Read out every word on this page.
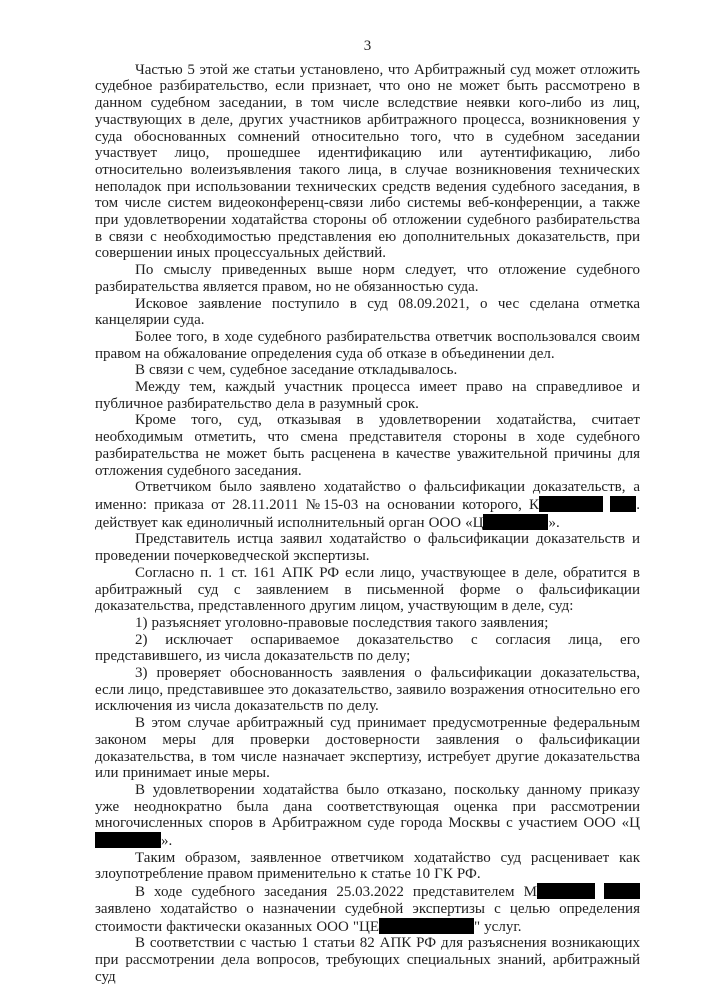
3

Частью 5 этой же статьи установлено, что Арбитражный суд может отложить судебное разбирательство, если признает, что оно не может быть рассмотрено в данном судебном заседании, в том числе вследствие неявки кого-либо из лиц, участвующих в деле, других участников арбитражного процесса, возникновения у суда обоснованных сомнений относительно того, что в судебном заседании участвует лицо, прошедшее идентификацию или аутентификацию, либо относительно волеизъявления такого лица, в случае возникновения технических неполадок при использовании технических средств ведения судебного заседания, в том числе систем видеоконференц-связи либо системы веб-конференции, а также при удовлетворении ходатайства стороны об отложении судебного разбирательства в связи с необходимостью представления ею дополнительных доказательств, при совершении иных процессуальных действий.

По смыслу приведенных выше норм следует, что отложение судебного разбирательства является правом, но не обязанностью суда.

Исковое заявление поступило в суд 08.09.2021, о чес сделана отметка канцелярии суда.

Более того, в ходе судебного разбирательства ответчик воспользовался своим правом на обжалование определения суда об отказе в объединении дел.

В связи с чем, судебное заседание откладывалось.

Между тем, каждый участник процесса имеет право на справедливое и публичное разбирательство дела в разумный срок.

Кроме того, суд, отказывая в удовлетворении ходатайства, считает необходимым отметить, что смена представителя стороны в ходе судебного разбирательства не может быть расценена в качестве уважительной причины для отложения судебного заседания.

Ответчиком было заявлено ходатайство о фальсификации доказательств, а именно: приказа от 28.11.2011 №15-03 на основании которого, К	. действует как единоличный исполнительный орган ООО «Ц	».

Представитель истца заявил ходатайство о фальсификации доказательств и проведении почерковедческой экспертизы.

Согласно п. 1 ст. 161 АПК РФ если лицо, участвующее в деле, обратится в арбитражный суд с заявлением в письменной форме о фальсификации доказательства, представленного другим лицом, участвующим в деле, суд:

1) разъясняет уголовно-правовые последствия такого заявления;

2) исключает оспариваемое доказательство с согласия лица, его представившего, из числа доказательств по делу;

3) проверяет обоснованность заявления о фальсификации доказательства, если лицо, представившее это доказательство, заявило возражения относительно его исключения из числа доказательств по делу.

В этом случае арбитражный суд принимает предусмотренные федеральным законом меры для проверки достоверности заявления о фальсификации доказательства, в том числе назначает экспертизу, истребует другие доказательства или принимает иные меры.

В удовлетворении ходатайства было отказано, поскольку данному приказу уже неоднократно была дана соответствующая оценка при рассмотрении многочисленных споров в Арбитражном суде города Москвы с участием ООО «Ц».

Таким образом, заявленное ответчиком ходатайство суд расценивает как злоупотребление правом применительно к статье 10 ГК РФ.

В ходе судебного заседания 25.03.2022 представителем М  заявлено ходатайство о назначении судебной экспертизы с целью определения стоимости фактически оказанных ООО "ЦЕ	" услуг.

В соответствии с частью 1 статьи 82 АПК РФ для разъяснения возникающих при рассмотрении дела вопросов, требующих специальных знаний, арбитражный суд
